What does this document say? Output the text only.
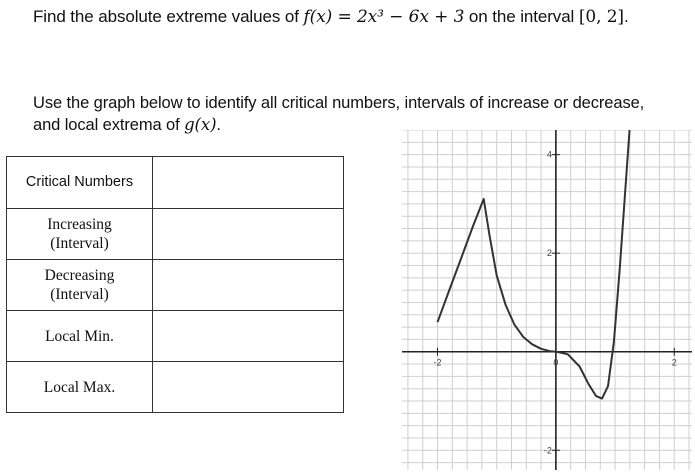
Find the absolute extreme values of f(x) = 2x³ − 6x + 3 on the interval [0, 2].
Use the graph below to identify all critical numbers, intervals of increase or decrease, and local extrema of g(x).
Critical Numbers	

Increasing
(Interval)	

Decreasing
(Interval)	

Local Min.	

Local Max.	

-2	0	2
4
2
-2
